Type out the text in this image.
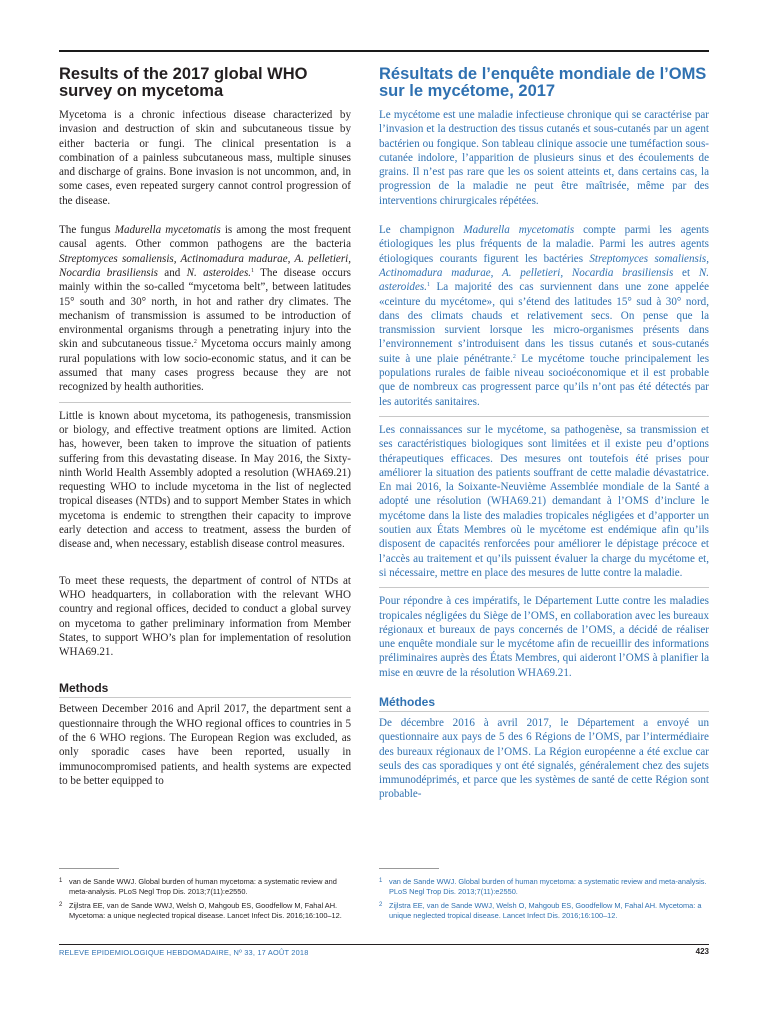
Results of the 2017 global WHO survey on mycetoma

Mycetoma is a chronic infectious disease characterized by invasion and destruction of skin and subcutaneous tissue by either bacteria or fungi. The clinical presentation is a combination of a painless subcutaneous mass, multiple sinuses and discharge of grains. Bone invasion is not uncommon, and, in some cases, even repeated surgery cannot control progression of the disease.

The fungus Madurella mycetomatis is among the most frequent causal agents. Other common pathogens are the bacteria Streptomyces somaliensis, Actinomadura madurae, A. pelletieri, Nocardia brasiliensis and N. asteroides.$^1$ The disease occurs mainly within the so-called “mycetoma belt”, between latitudes 15° south and 30° north, in hot and rather dry climates. The mechanism of transmission is assumed to be introduction of environmental organisms through a penetrating injury into the skin and subcutaneous tissue.$^2$ Mycetoma occurs mainly among rural populations with low socio-economic status, and it can be assumed that many cases progress because they are not recognized by health authorities.

Little is known about mycetoma, its pathogenesis, transmission or biology, and effective treatment options are limited. Action has, however, been taken to improve the situation of patients suffering from this devastating disease. In May 2016, the Sixty-ninth World Health Assembly adopted a resolution (WHA69.21) requesting WHO to include mycetoma in the list of neglected tropical diseases (NTDs) and to support Member States in which mycetoma is endemic to strengthen their capacity to improve early detection and access to treatment, assess the burden of disease and, when necessary, establish disease control measures.

To meet these requests, the department of control of NTDs at WHO headquarters, in collaboration with the relevant WHO country and regional offices, decided to conduct a global survey on mycetoma to gather preliminary information from Member States, to support WHO’s plan for implementation of resolution WHA69.21.

Methods

Between December 2016 and April 2017, the department sent a questionnaire through the WHO regional offices to countries in 5 of the 6 WHO regions. The European Region was excluded, as only sporadic cases have been reported, usually in immunocompromised patients, and health systems are expected to be better equipped to

Résultats de l’enquête mondiale de l’OMS sur le mycétome, 2017

Le mycétome est une maladie infectieuse chronique qui se caractérise par l’invasion et la destruction des tissus cutanés et sous-cutanés par un agent bactérien ou fongique. Son tableau clinique associe une tuméfaction sous-cutanée indolore, l’apparition de plusieurs sinus et des écoulements de grains. Il n’est pas rare que les os soient atteints et, dans certains cas, la progression de la maladie ne peut être maîtrisée, même par des interventions chirurgicales répétées.

Le champignon Madurella mycetomatis compte parmi les agents étiologiques les plus fréquents de la maladie. Parmi les autres agents étiologiques courants figurent les bactéries Streptomyces somaliensis, Actinomadura madurae, A. pelletieri, Nocardia brasiliensis et N. asteroides.$^1$ La majorité des cas surviennent dans une zone appelée «ceinture du mycétome», qui s’étend des latitudes 15° sud à 30° nord, dans des climats chauds et relativement secs. On pense que la transmission survient lorsque les micro-organismes présents dans l’environnement s’introduisent dans les tissus cutanés et sous-cutanés suite à une plaie pénétrante.$^2$ Le mycétome touche principalement les populations rurales de faible niveau socioéconomique et il est probable que de nombreux cas progressent parce qu’ils n’ont pas été détectés par les autorités sanitaires.

Les connaissances sur le mycétome, sa pathogenèse, sa transmission et ses caractéristiques biologiques sont limitées et il existe peu d’options thérapeutiques efficaces. Des mesures ont toutefois été prises pour améliorer la situation des patients souffrant de cette maladie dévastatrice. En mai 2016, la Soixante-Neuvième Assemblée mondiale de la Santé a adopté une résolution (WHA69.21) demandant à l’OMS d’inclure le mycétome dans la liste des maladies tropicales négligées et d’apporter un soutien aux États Membres où le mycétome est endémique afin qu’ils disposent de capacités renforcées pour améliorer le dépistage précoce et l’accès au traitement et qu’ils puissent évaluer la charge du mycétome et, si nécessaire, mettre en place des mesures de lutte contre la maladie.

Pour répondre à ces impératifs, le Département Lutte contre les maladies tropicales négligées du Siège de l’OMS, en collaboration avec les bureaux régionaux et bureaux de pays concernés de l’OMS, a décidé de réaliser une enquête mondiale sur le mycétome afin de recueillir des informations préliminaires auprès des États Membres, qui aideront l’OMS à planifier la mise en œuvre de la résolution WHA69.21.

Méthodes

De décembre 2016 à avril 2017, le Département a envoyé un questionnaire aux pays de 5 des 6 Régions de l’OMS, par l’intermédiaire des bureaux régionaux de l’OMS. La Région européenne a été exclue car seuls des cas sporadiques y ont été signalés, généralement chez des sujets immunodéprimés, et parce que les systèmes de santé de cette Région sont probable-

1 van de Sande WWJ. Global burden of human mycetoma: a systematic review and meta-analysis. PLoS Negl Trop Dis. 2013;7(11):e2550.
2 Zijlstra EE, van de Sande WWJ, Welsh O, Mahgoub ES, Goodfellow M, Fahal AH. Mycetoma: a unique neglected tropical disease. Lancet Infect Dis. 2016;16:100–12.
1 van de Sande WWJ. Global burden of human mycetoma: a systematic review and meta-analysis. PLoS Negl Trop Dis. 2013;7(11):e2550.
2 Zijlstra EE, van de Sande WWJ, Welsh O, Mahgoub ES, Goodfellow M, Fahal AH. Mycetoma: a unique neglected tropical disease. Lancet Infect Dis. 2016;16:100–12.
RELEVE EPIDEMIOLOGIQUE HEBDOMADAIRE, Nº 33, 17 AOÛT 2018	423
